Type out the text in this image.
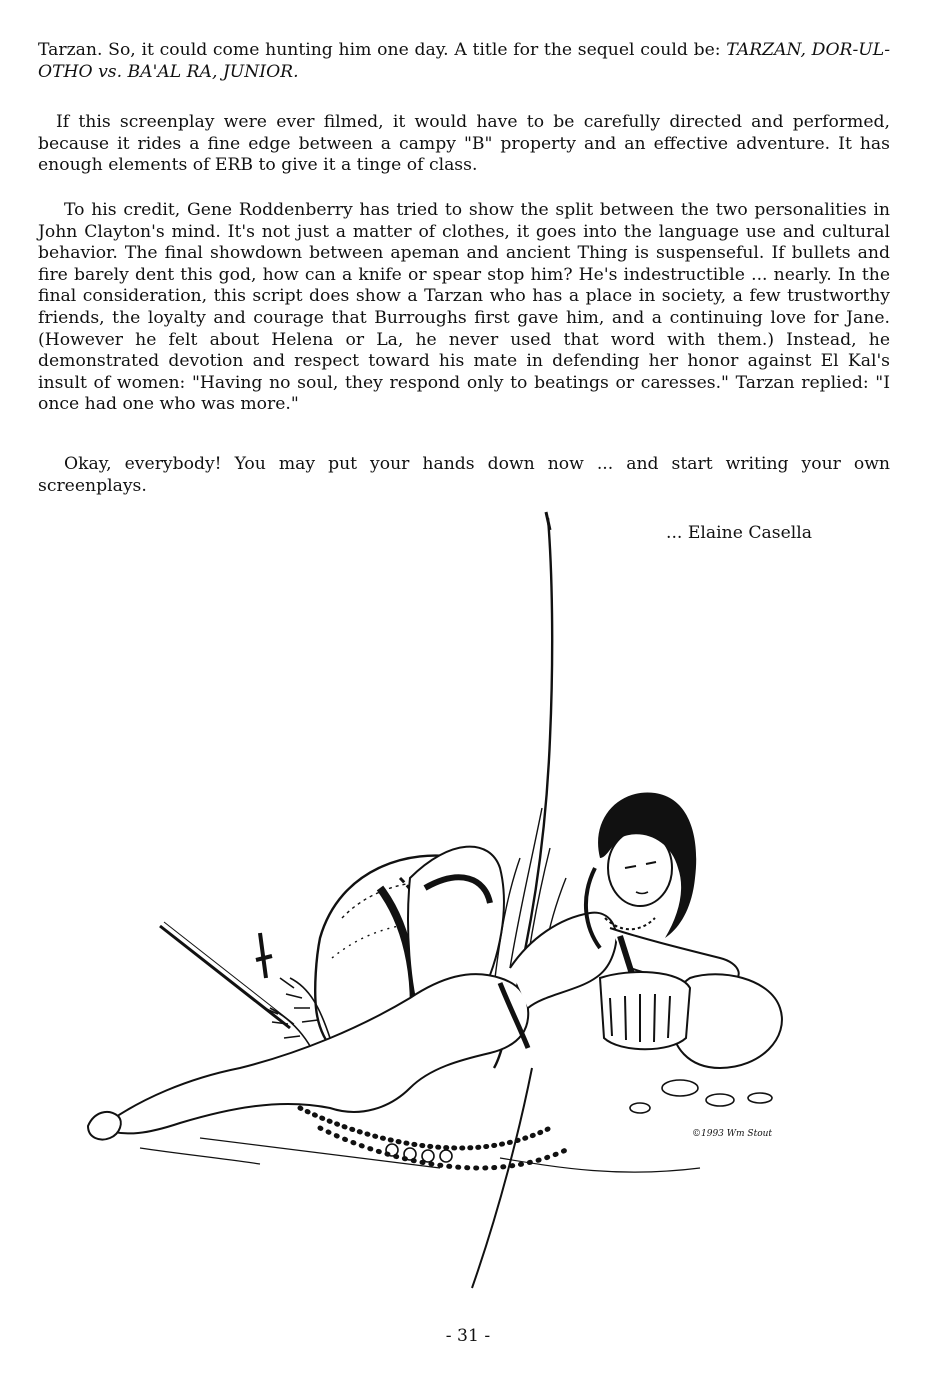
Tarzan. So, it could come hunting him one day. A title for the sequel could be: TARZAN, DOR-UL-OTHO vs. BA'AL RA, JUNIOR.
If this screenplay were ever filmed, it would have to be carefully directed and performed, because it rides a fine edge between a campy "B" property and an effective adventure. It has enough elements of ERB to give it a tinge of class.
To his credit, Gene Roddenberry has tried to show the split between the two personalities in John Clayton's mind. It's not just a matter of clothes, it goes into the language use and cultural behavior. The final showdown between apeman and ancient Thing is suspenseful. If bullets and fire barely dent this god, how can a knife or spear stop him? He's indestructible ... nearly. In the final consideration, this script does show a Tarzan who has a place in society, a few trustworthy friends, the loyalty and courage that Burroughs first gave him, and a continuing love for Jane. (However he felt about Helena or La, he never used that word with them.) Instead, he demonstrated devotion and respect toward his mate in defending her honor against El Kal's insult of women: "Having no soul, they respond only to beatings or caresses." Tarzan replied: "I once had one who was more."
Okay, everybody! You may put your hands down now ... and start writing your own screenplays.
... Elaine Casella
©1993 Wm Stout
- 31 -
